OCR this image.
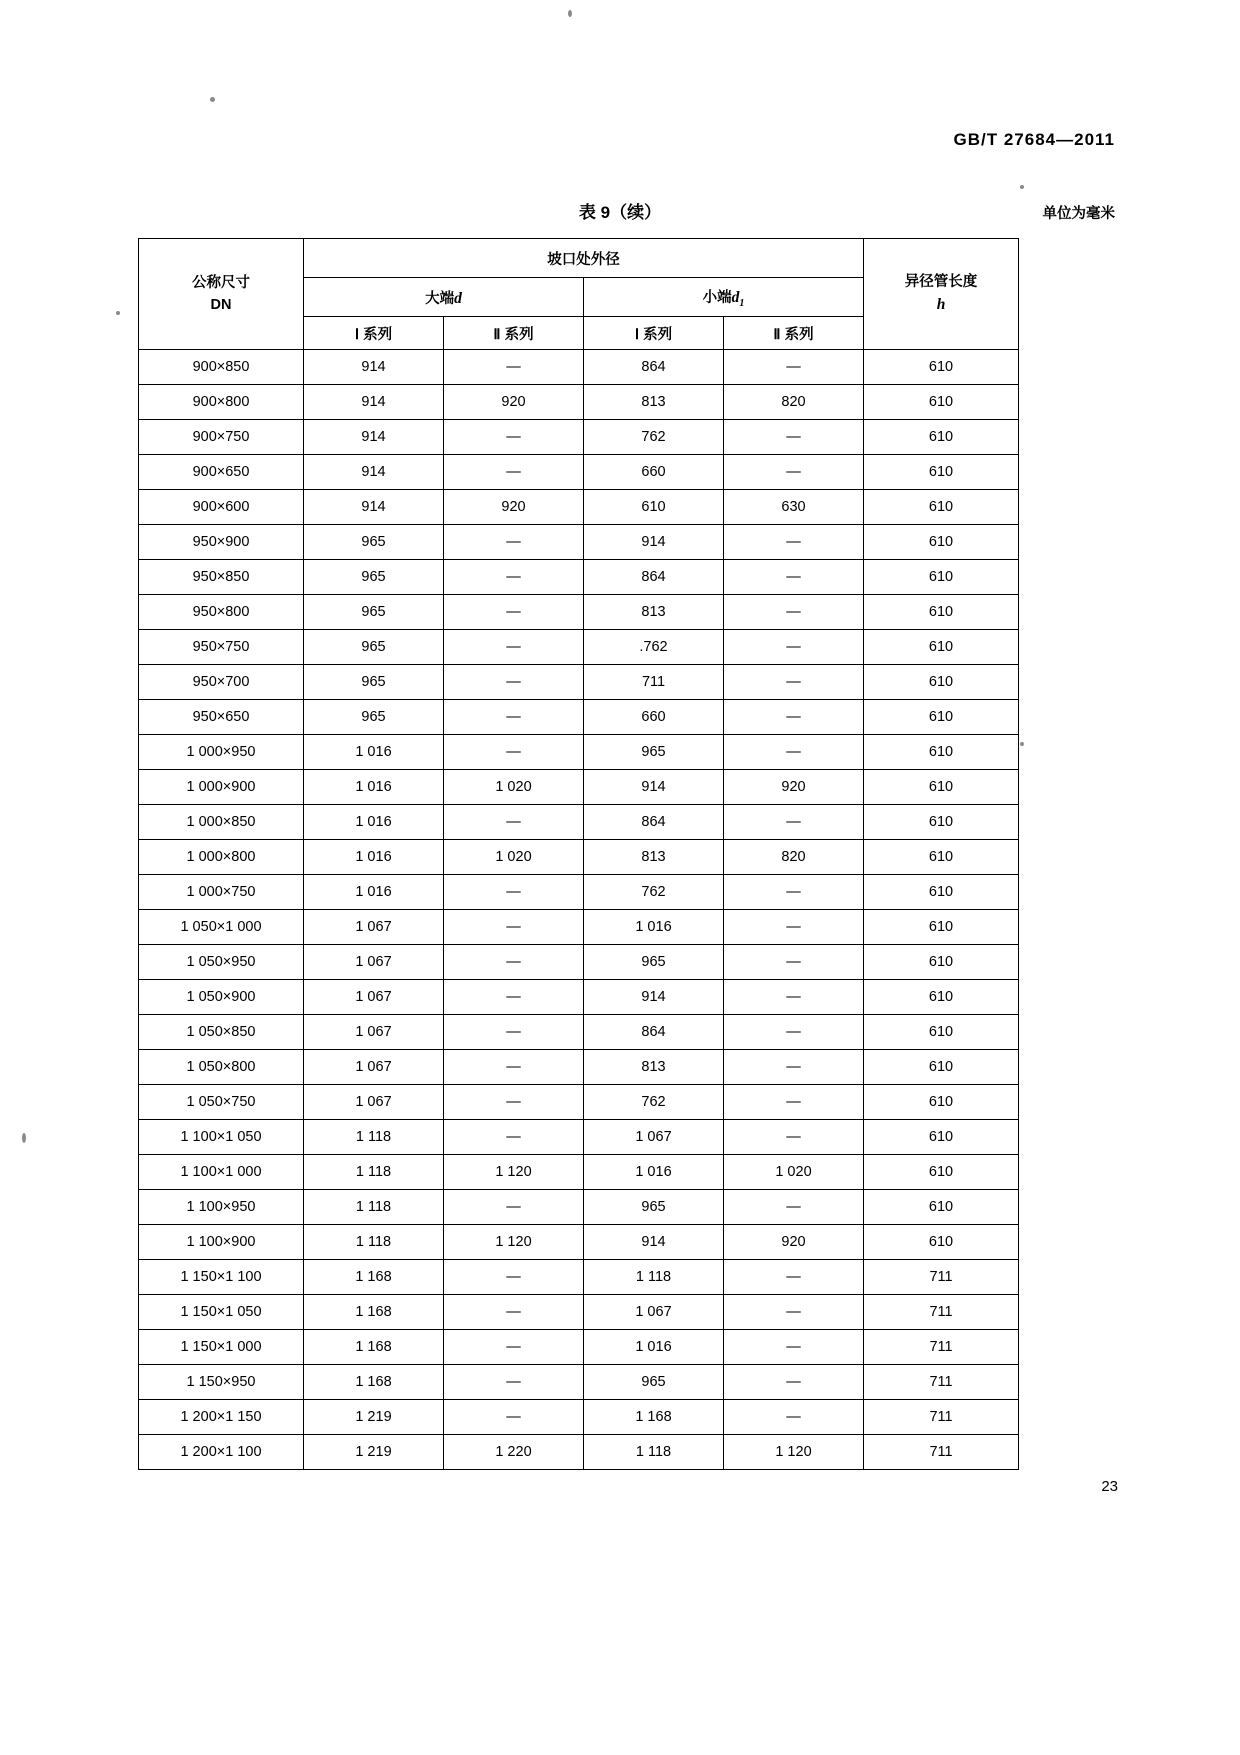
GB/T 27684—2011
表 9（续）	单位为毫米
公称尺寸
DN	坡口处外径				异径管长度
h
	大端d		小端$d_1$
	Ⅰ 系列	Ⅱ 系列	Ⅰ 系列	Ⅱ 系列	
900×850	914	—	864	—	610
900×800	914	920	813	820	610
900×750	914	—	762	—	610
900×650	914	—	660	—	610
900×600	914	920	610	630	610
950×900	965	—	914	—	610
950×850	965	—	864	—	610
950×800	965	—	813	—	610
950×750	965	—	.762	—	610
950×700	965	—	711	—	610
950×650	965	—	660	—	610
1 000×950	1 016	—	965	—	610
1 000×900	1 016	1 020	914	920	610
1 000×850	1 016	—	864	—	610
1 000×800	1 016	1 020	813	820	610
1 000×750	1 016	—	762	—	610
1 050×1 000	1 067	—	1 016	—	610
1 050×950	1 067	—	965	—	610
1 050×900	1 067	—	914	—	610
1 050×850	1 067	—	864	—	610
1 050×800	1 067	—	813	—	610
1 050×750	1 067	—	762	—	610
1 100×1 050	1 118	—	1 067	—	610
1 100×1 000	1 118	1 120	1 016	1 020	610
1 100×950	1 118	—	965	—	610
1 100×900	1 118	1 120	914	920	610
1 150×1 100	1 168	—	1 118	—	711
1 150×1 050	1 168	—	1 067	—	711
1 150×1 000	1 168	—	1 016	—	711
1 150×950	1 168	—	965	—	711
1 200×1 150	1 219	—	1 168	—	711
1 200×1 100	1 219	1 220	1 118	1 120	711
23
